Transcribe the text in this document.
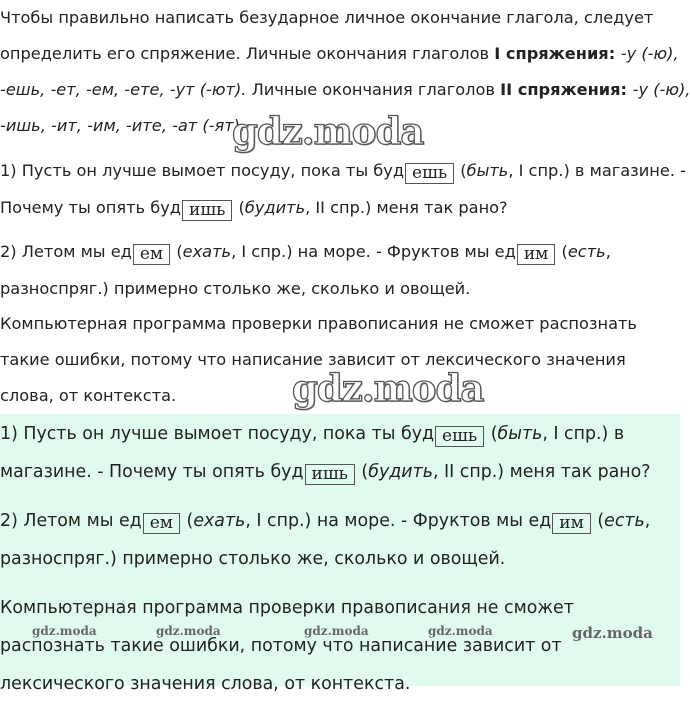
Чтобы правильно написать безударное личное окончание глагола, следует
определить его спряжение. Личные окончания глаголов I спряжения: -у (-ю),
-ешь, -ет, -ем, -ете, -ут (-ют). Личные окончания глаголов II спряжения: -у (-ю),
-ишь, -ит, -им, -ите, -ат (-ят).
1) Пусть он лучше вымоет посуду, пока ты буд ешь (быть, I спр.) в магазине. -
Почему ты опять буд ишь (будить, II спр.) меня так рано?
2) Летом мы ед ем (ехать, I спр.) на море. - Фруктов мы ед им (есть,
разноспряг.) примерно столько же, сколько и овощей.
Компьютерная программа проверки правописания не сможет распознать
такие ошибки, потому что написание зависит от лексического значения
слова, от контекста.
gdz.moda
gdz.moda
1) Пусть он лучше вымоет посуду, пока ты буд ешь (быть, I спр.) в
магазине. - Почему ты опять буд ишь (будить, II спр.) меня так рано?
2) Летом мы ед ем (ехать, I спр.) на море. - Фруктов мы ед им (есть,
разноспряг.) примерно столько же, сколько и овощей.
Компьютерная программа проверки правописания не сможет
распознать такие ошибки, потому что написание зависит от
лексического значения слова, от контекста.
gdz.moda	gdz.moda	gdz.moda	gdz.moda	gdz.moda
